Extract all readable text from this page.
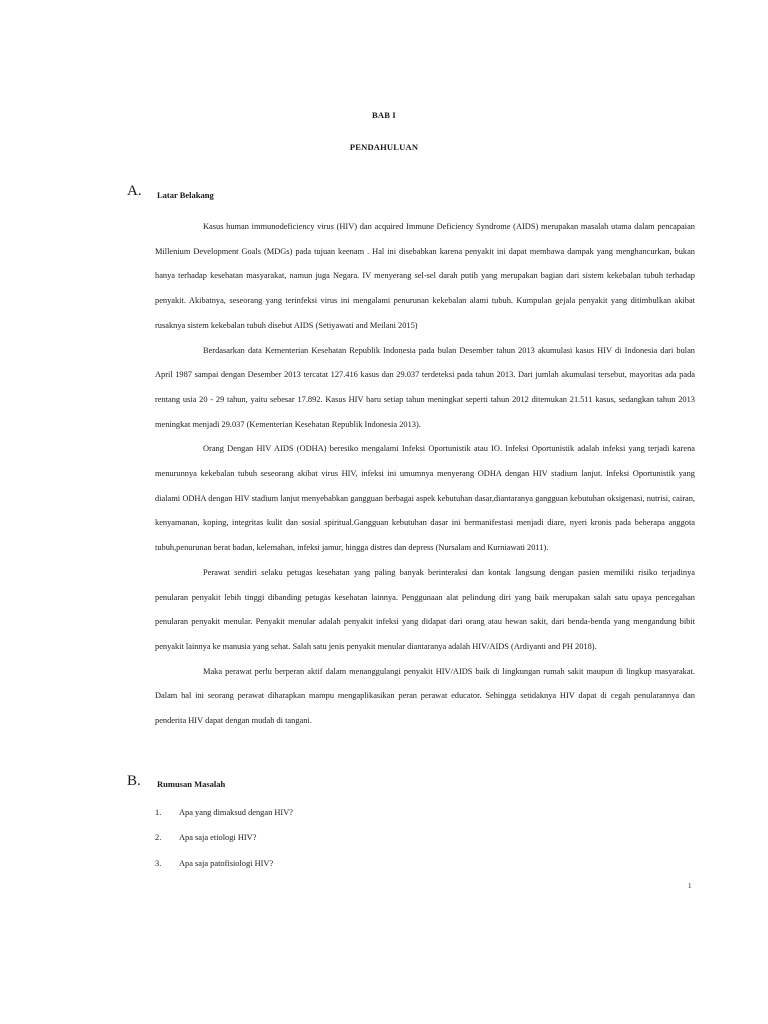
BAB I
PENDAHULUAN
A. Latar Belakang

Kasus human immunodeficiency virus (HIV) dan acquired Immune Deficiency Syndrome (AIDS) merupakan masalah utama dalam pencapaian Millenium Development Goals (MDGs) pada tujuan keenam . Hal ini disebabkan karena penyakit ini dapat membawa dampak yang menghancurkan, bukan hanya terhadap kesehatan masyarakat, namun juga Negara. IV menyerang sel-sel darah putih yang merupakan bagian dari sistem kekebalan tubuh terhadap penyakit. Akibatnya, seseorang yang terinfeksi virus ini mengalami penurunan kekebalan alami tubuh. Kumpulan gejala penyakit yang ditimbulkan akibat rusaknya sistem kekebalan tubuh disebut AIDS (Setiyawati and Meilani 2015)

Berdasarkan data Kementerian Kesehatan Republik Indonesia pada bulan Desember tahun 2013 akumulasi kasus HIV di Indonesia dari bulan April 1987 sampai dengan Desember 2013 tercatat 127.416 kasus dan 29.037 terdeteksi pada tahun 2013. Dari jumlah akumulasi tersebut, mayoritas ada pada rentang usia 20 - 29 tahun, yaitu sebesar 17.892. Kasus HIV baru setiap tahun meningkat seperti tahun 2012 ditemukan 21.511 kasus, sedangkan tahun 2013 meningkat menjadi 29.037 (Kementerian Kesehatan Republik Indonesia 2013).

Orang Dengan HIV AIDS (ODHA) beresiko mengalami Infeksi Oportunistik atau IO. Infeksi Oportunistik adalah infeksi yang terjadi karena menurunnya kekebalan tubuh seseorang akibat virus HIV, infeksi ini umumnya menyerang ODHA dengan HIV stadium lanjut. Infeksi Oportunistik yang dialami ODHA dengan HIV stadium lanjut menyebabkan gangguan berbagai aspek kebutuhan dasar,diantaranya gangguan kebutuhan oksigenasi, nutrisi, cairan, kenyamanan, koping, integritas kulit dan sosial spiritual.Gangguan kebutuhan dasar ini bermanifestasi menjadi diare, nyeri kronis pada beberapa anggota tubuh,penurunan berat badan, kelemahan, infeksi jamur, hingga distres dan depress (Nursalam and Kurniawati 2011).

Perawat sendiri selaku petugas kesehatan yang paling banyak berinteraksi dan kontak langsung dengan pasien memiliki risiko terjadinya penularan penyakit lebih tinggi dibanding petugas kesehatan lainnya. Penggunaan alat pelindung diri yang baik merupakan salah satu upaya pencegahan penularan penyakit menular. Penyakit menular adalah penyakit infeksi yang didapat dari orang atau hewan sakit, dari benda-benda yang mengandung bibit penyakit lainnya ke manusia yang sehat. Salah satu jenis penyakit menular diantaranya adalah HIV/AIDS (Ardiyanti and PH 2018).

Maka perawat perlu berperan aktif dalam menanggulangi penyakit HIV/AIDS baik di lingkungan rumah sakit maupun di lingkup masyarakat. Dalam hal ini seorang perawat diharapkan mampu mengaplikasikan peran perawat educator. Sehingga setidaknya HIV dapat di cegah penularannya dan penderita HIV dapat dengan mudah di tangani.

B. Rumusan Masalah
1. Apa yang dimaksud dengan HIV?
2. Apa saja etiologi HIV?
3. Apa saja patofisiologi HIV?
1
